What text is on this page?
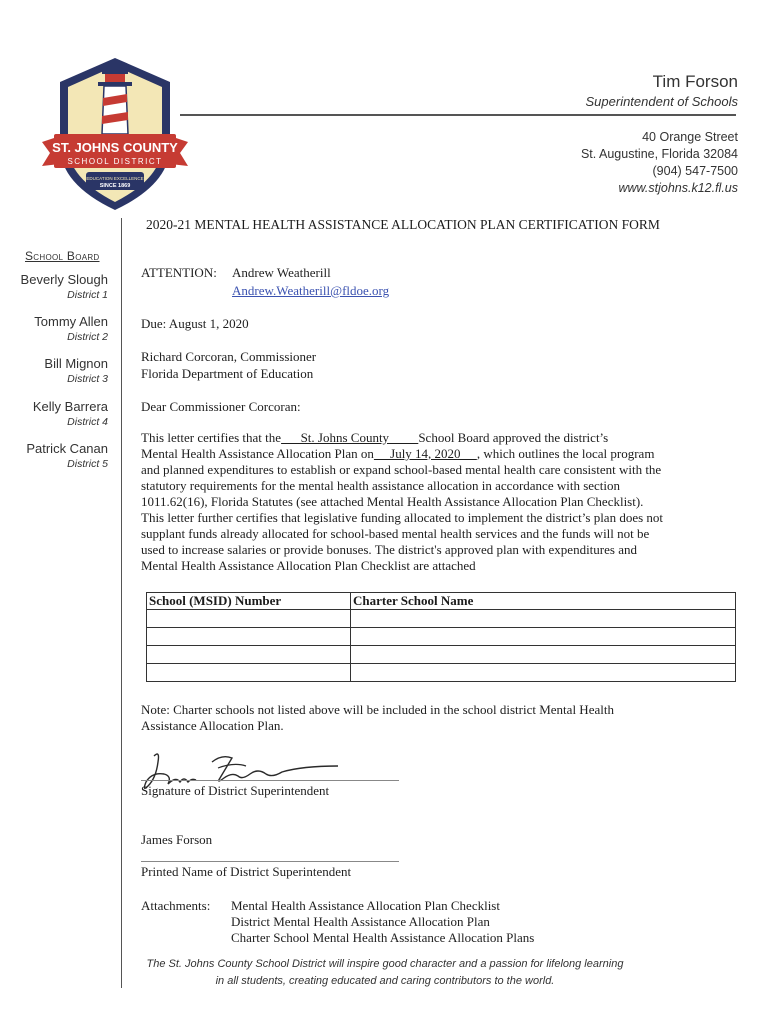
ST. JOHNS COUNTY
SCHOOL DISTRICT
EDUCATION EXCELLENCE
SINCE 1869
Tim Forson
Superintendent of Schools
40 Orange Street
St. Augustine, Florida 32084
(904) 547-7500
www.stjohns.k12.fl.us
School Board
Beverly Slough
District 1
Tommy Allen
District 2
Bill Mignon
District 3
Kelly Barrera
District 4
Patrick Canan
District 5
2020-21 MENTAL HEALTH ASSISTANCE ALLOCATION PLAN CERTIFICATION FORM
ATTENTION: Andrew Weatherill
Andrew.Weatherill@fldoe.org
Due: August 1, 2020
Richard Corcoran, Commissioner
Florida Department of Education
Dear Commissioner Corcoran:
This letter certifies that the      St. Johns County         School Board approved the district’s
Mental Health Assistance Allocation Plan on     July 14, 2020     , which outlines the local program
and planned expenditures to establish or expand school-based mental health care consistent with the
statutory requirements for the mental health assistance allocation in accordance with section
1011.62(16), Florida Statutes (see attached Mental Health Assistance Allocation Plan Checklist).
This letter further certifies that legislative funding allocated to implement the district’s plan does not
supplant funds already allocated for school-based mental health services and the funds will not be
used to increase salaries or provide bonuses. The district's approved plan with expenditures and
Mental Health Assistance Allocation Plan Checklist are attached
School (MSID) Number	Charter School Name

Note: Charter schools not listed above will be included in the school district Mental Health
Assistance Allocation Plan.
Signature of District Superintendent
James Forson
Printed Name of District Superintendent
Attachments: Mental Health Assistance Allocation Plan Checklist
District Mental Health Assistance Allocation Plan
Charter School Mental Health Assistance Allocation Plans
The St. Johns County School District will inspire good character and a passion for lifelong learning
in all students, creating educated and caring contributors to the world.
